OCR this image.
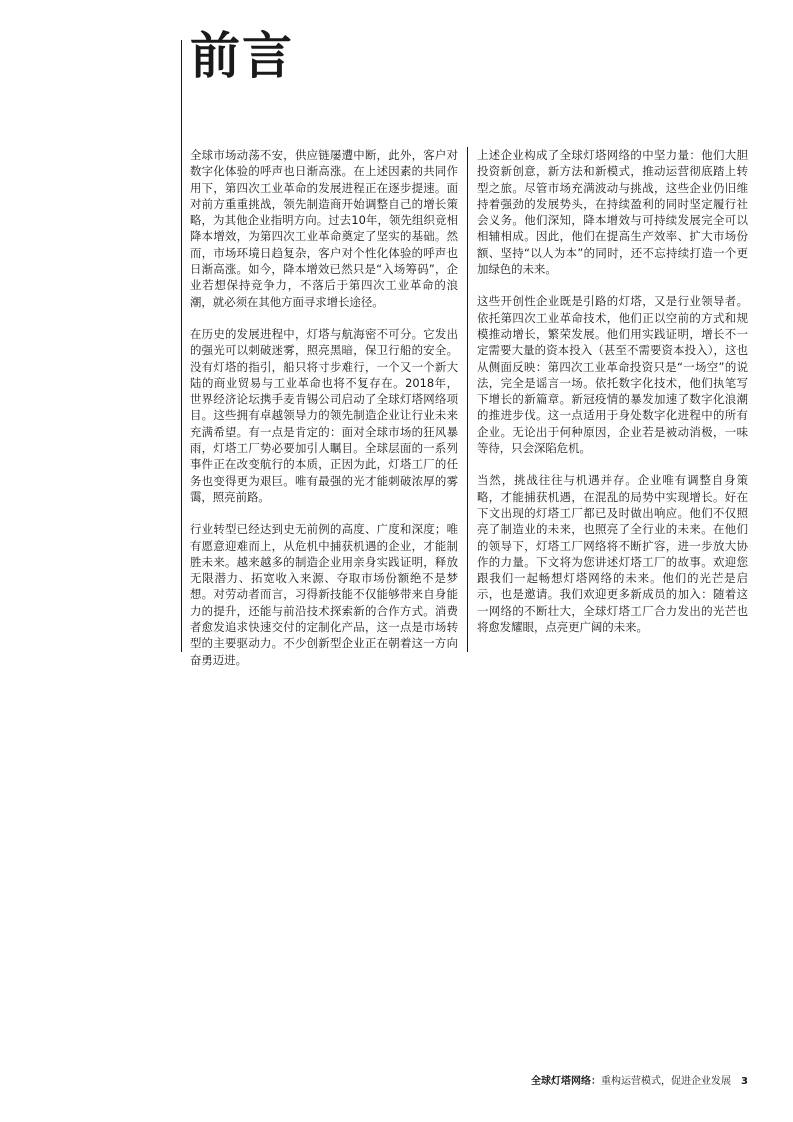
前言

全球市场动荡不安，供应链屡遭中断，此外，客户对数字化体验的呼声也日渐高涨。在上述因素的共同作用下，第四次工业革命的发展进程正在逐步提速。面对前方重重挑战，领先制造商开始调整自己的增长策略，为其他企业指明方向。过去10年，领先组织竞相降本增效，为第四次工业革命奠定了坚实的基础。然而，市场环境日趋复杂，客户对个性化体验的呼声也日渐高涨。如今，降本增效已然只是“入场筹码”，企业若想保持竞争力，不落后于第四次工业革命的浪潮，就必须在其他方面寻求增长途径。

在历史的发展进程中，灯塔与航海密不可分。它发出的强光可以刺破迷雾，照亮黑暗，保卫行船的安全。没有灯塔的指引，船只将寸步难行，一个又一个新大陆的商业贸易与工业革命也将不复存在。2018年，世界经济论坛携手麦肯锡公司启动了全球灯塔网络项目。这些拥有卓越领导力的领先制造企业让行业未来充满希望。有一点是肯定的：面对全球市场的狂风暴雨，灯塔工厂势必要加引人瞩目。全球层面的一系列事件正在改变航行的本质，正因为此，灯塔工厂的任务也变得更为艰巨。唯有最强的光才能刺破浓厚的雾霭，照亮前路。

行业转型已经达到史无前例的高度、广度和深度；唯有愿意迎难而上，从危机中捕获机遇的企业，才能制胜未来。越来越多的制造企业用亲身实践证明，释放无限潜力、拓宽收入来源、夺取市场份额绝不是梦想。对劳动者而言，习得新技能不仅能够带来自身能力的提升，还能与前沿技术探索新的合作方式。消费者愈发追求快速交付的定制化产品，这一点是市场转型的主要驱动力。不少创新型企业正在朝着这一方向奋勇迈进。

上述企业构成了全球灯塔网络的中坚力量：他们大胆投资新创意，新方法和新模式，推动运营彻底踏上转型之旅。尽管市场充满波动与挑战，这些企业仍旧维持着强劲的发展势头，在持续盈利的同时坚定履行社会义务。他们深知，降本增效与可持续发展完全可以相辅相成。因此，他们在提高生产效率、扩大市场份额、坚持“以人为本”的同时，还不忘持续打造一个更加绿色的未来。

这些开创性企业既是引路的灯塔，又是行业领导者。依托第四次工业革命技术，他们正以空前的方式和规模推动增长，繁荣发展。他们用实践证明，增长不一定需要大量的资本投入（甚至不需要资本投入），这也从侧面反映：第四次工业革命投资只是“一场空”的说法，完全是谣言一场。依托数字化技术，他们执笔写下增长的新篇章。新冠疫情的暴发加速了数字化浪潮的推进步伐。这一点适用于身处数字化进程中的所有企业。无论出于何种原因，企业若是被动消极，一味等待，只会深陷危机。

当然，挑战往往与机遇并存。企业唯有调整自身策略，才能捕获机遇，在混乱的局势中实现增长。好在下文出现的灯塔工厂都已及时做出响应。他们不仅照亮了制造业的未来，也照亮了全行业的未来。在他们的领导下，灯塔工厂网络将不断扩容，进一步放大协作的力量。下文将为您讲述灯塔工厂的故事。欢迎您跟我们一起畅想灯塔网络的未来。他们的光芒是启示，也是邀请。我们欢迎更多新成员的加入：随着这一网络的不断壮大，全球灯塔工厂合力发出的光芒也将愈发耀眼，点亮更广阔的未来。

全球灯塔网络：重构运营模式，促进企业发展 3
